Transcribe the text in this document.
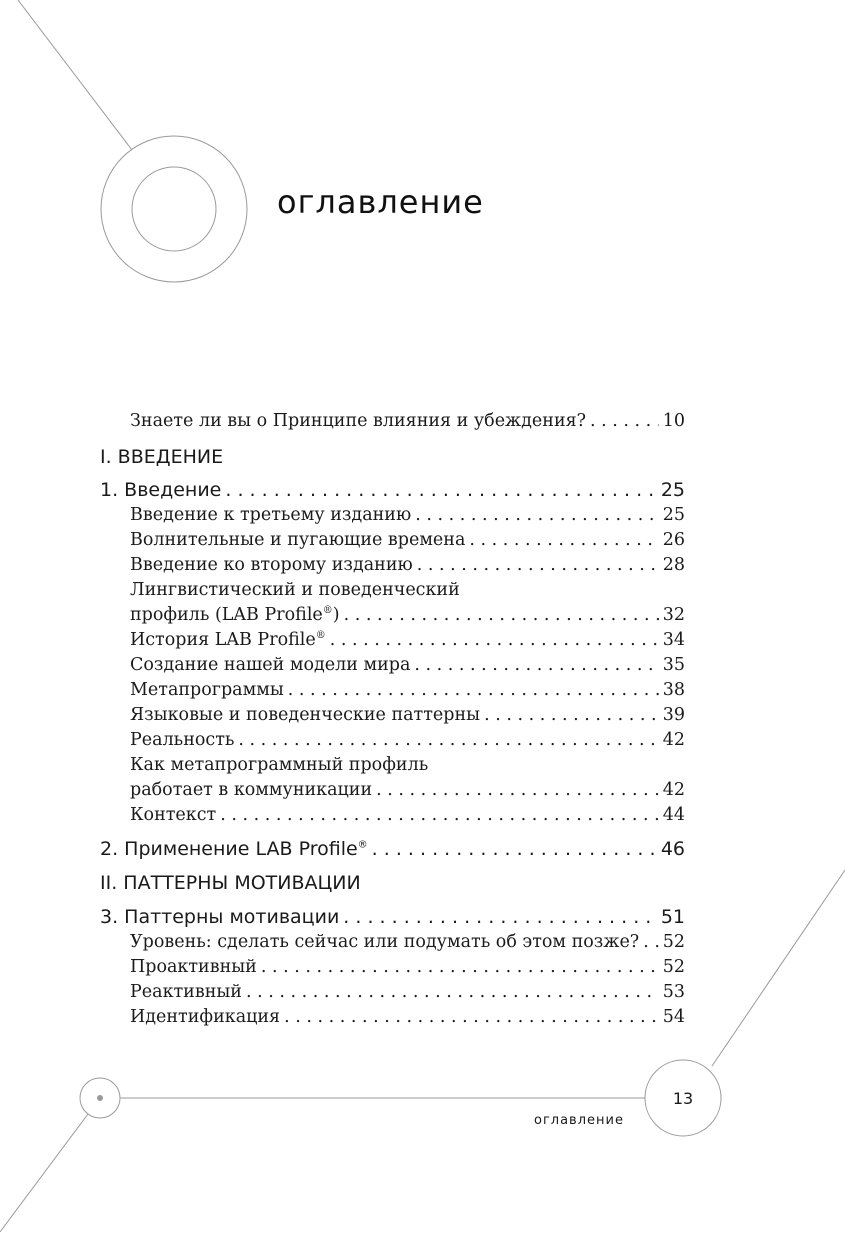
оглавление
Знаете ли вы о Принципе влияния и убеждения? . . .	10
I. ВВЕДЕНИЕ
1. Введение . . .	25
Введение к третьему изданию . . .	25
Волнительные и пугающие времена . . .	26
Введение ко второму изданию . . .	28
Лингвистический и поведенческий
профиль (LAB Profile®) . . .	32
История LAB Profile® . . .	34
Создание нашей модели мира . . .	35
Метапрограммы . . .	38
Языковые и поведенческие паттерны . . .	39
Реальность . . .	42
Как метапрограммный профиль
работает в коммуникации . . .	42
Контекст . . .	44
2. Применение LAB Profile® . . .	46
II. ПАТТЕРНЫ МОТИВАЦИИ
3. Паттерны мотивации . . .	51
Уровень: сделать сейчас или подумать об этом позже? . . . 52
Проактивный . . .	52
Реактивный . . .	53
Идентификация . . .	54
13
оглавление
